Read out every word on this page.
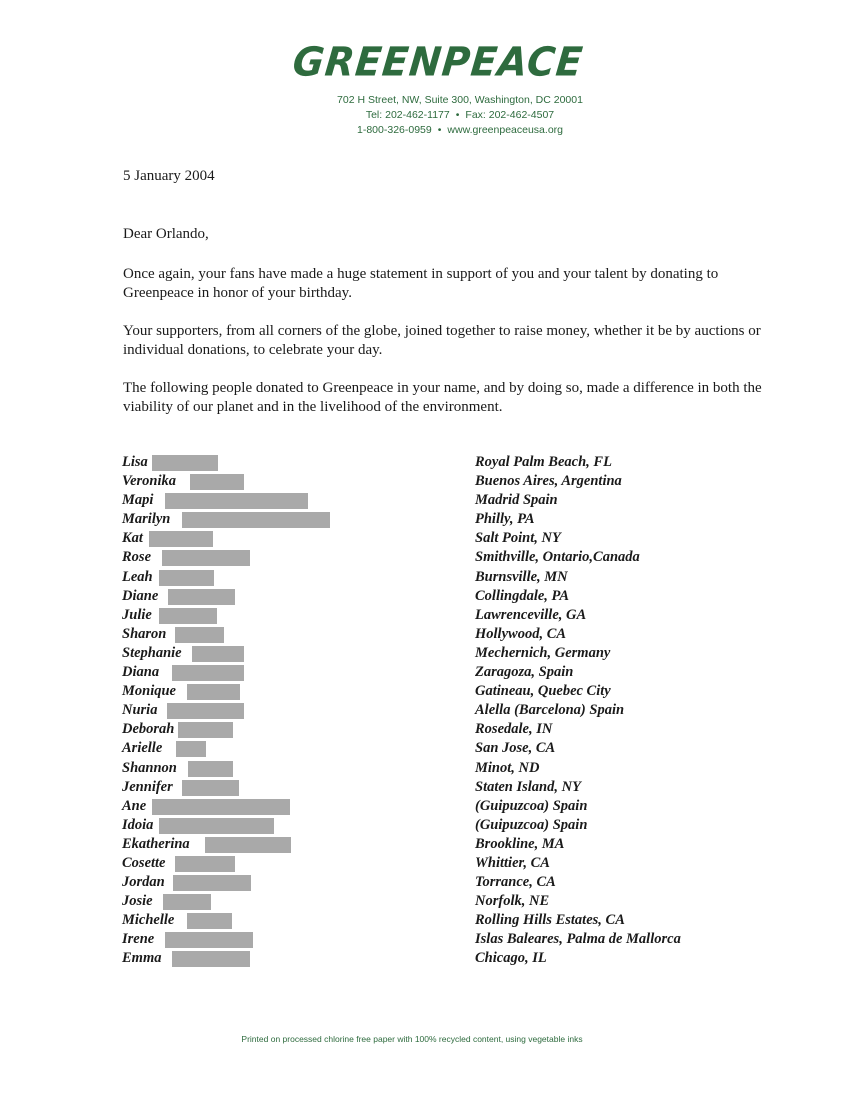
GREENPEACE
702 H Street, NW, Suite 300, Washington, DC 20001
Tel: 202-462-1177 • Fax: 202-462-4507
1-800-326-0959 • www.greenpeaceusa.org
5 January 2004
Dear Orlando,
Once again, your fans have made a huge statement in support of you and your talent by donating to Greenpeace in honor of your birthday.
Your supporters, from all corners of the globe, joined together to raise money, whether it be by auctions or individual donations, to celebrate your day.
The following people donated to Greenpeace in your name, and by doing so, made a difference in both the viability of our planet and in the livelihood of the environment.
Lisa	Royal Palm Beach, FL
Veronika	Buenos Aires, Argentina
Mapi	Madrid Spain
Marilyn	Philly, PA
Kat	Salt Point, NY
Rose	Smithville, Ontario,Canada
Leah	Burnsville, MN
Diane	Collingdale, PA
Julie	Lawrenceville, GA
Sharon	Hollywood, CA
Stephanie	Mechernich, Germany
Diana	Zaragoza, Spain
Monique	Gatineau, Quebec City
Nuria	Alella (Barcelona) Spain
Deborah	Rosedale, IN
Arielle	San Jose, CA
Shannon	Minot, ND
Jennifer	Staten Island, NY
Ane	(Guipuzcoa) Spain
Idoia	(Guipuzcoa) Spain
Ekatherina	Brookline, MA
Cosette	Whittier, CA
Jordan	Torrance, CA
Josie	Norfolk, NE
Michelle	Rolling Hills Estates, CA
Irene	Islas Baleares, Palma de Mallorca
Emma	Chicago, IL
Printed on processed chlorine free paper with 100% recycled content, using vegetable inks
